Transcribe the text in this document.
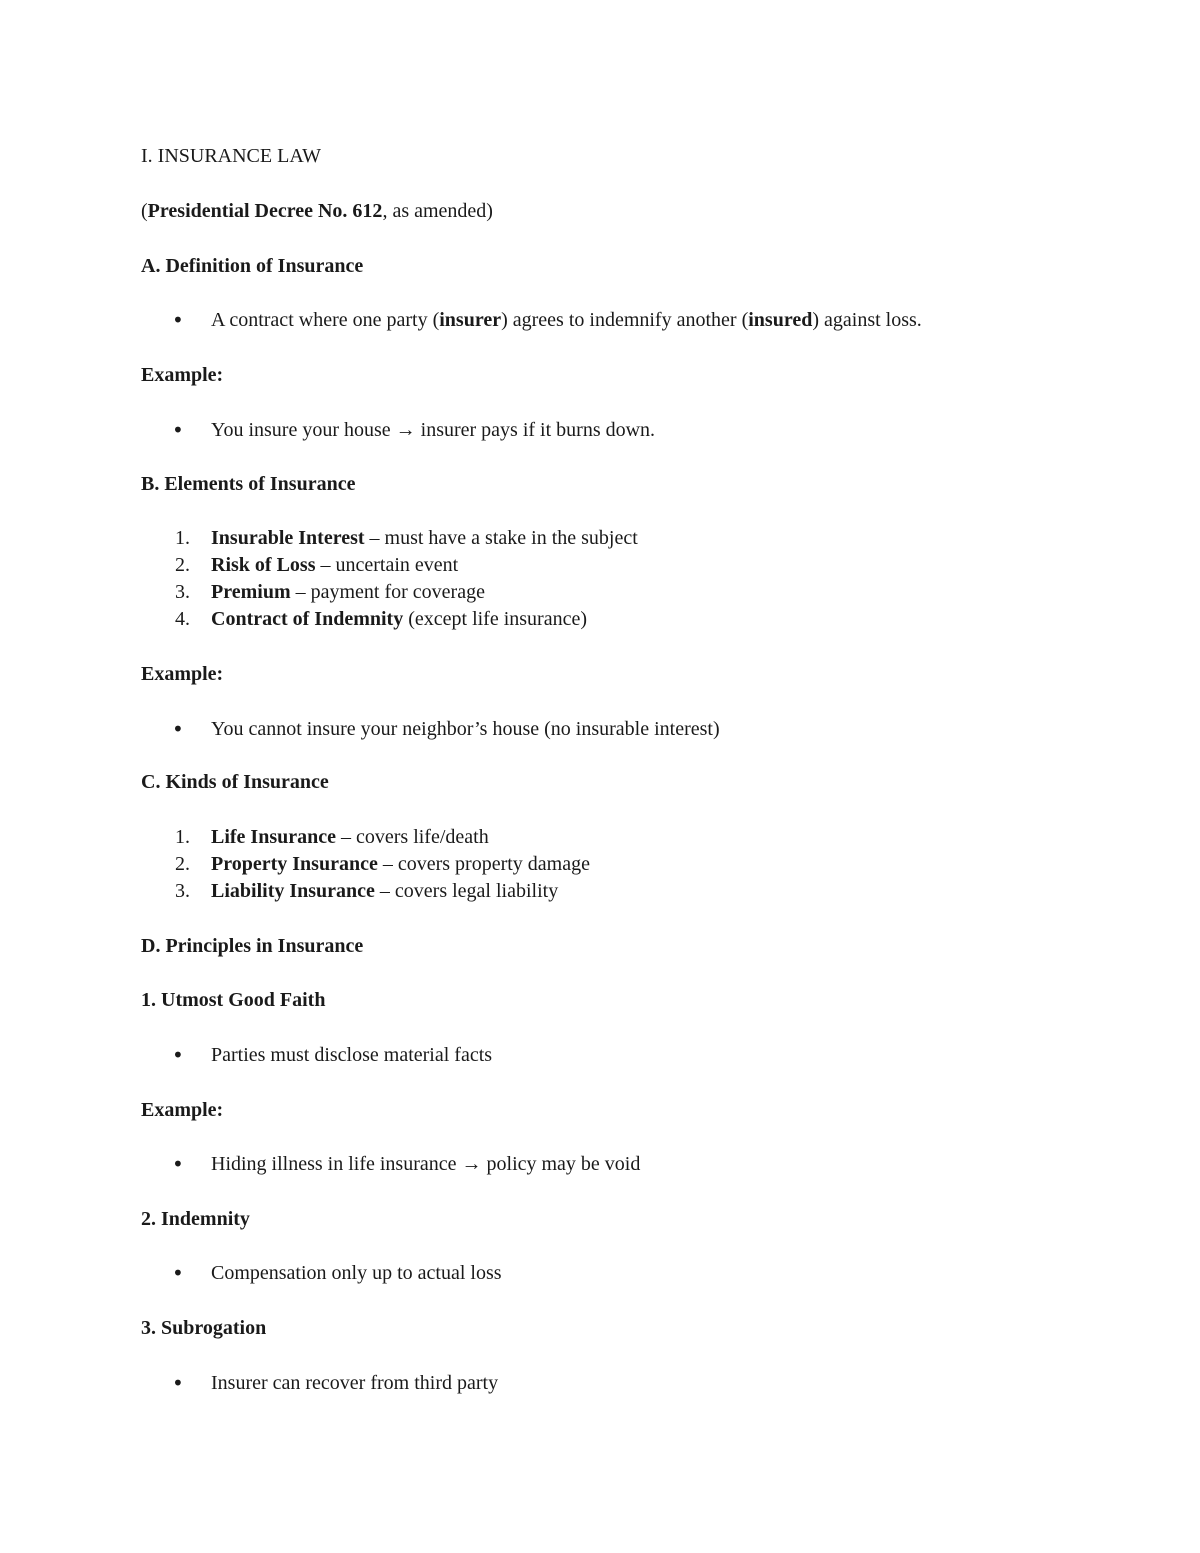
I. INSURANCE LAW
(Presidential Decree No. 612, as amended)
A. Definition of Insurance
• A contract where one party (insurer) agrees to indemnify another (insured) against loss.
Example:
• You insure your house → insurer pays if it burns down.
B. Elements of Insurance
1. Insurable Interest – must have a stake in the subject
2. Risk of Loss – uncertain event
3. Premium – payment for coverage
4. Contract of Indemnity (except life insurance)
Example:
• You cannot insure your neighbor’s house (no insurable interest)
C. Kinds of Insurance
1. Life Insurance – covers life/death
2. Property Insurance – covers property damage
3. Liability Insurance – covers legal liability
D. Principles in Insurance
1. Utmost Good Faith
• Parties must disclose material facts
Example:
• Hiding illness in life insurance → policy may be void
2. Indemnity
• Compensation only up to actual loss
3. Subrogation
• Insurer can recover from third party
